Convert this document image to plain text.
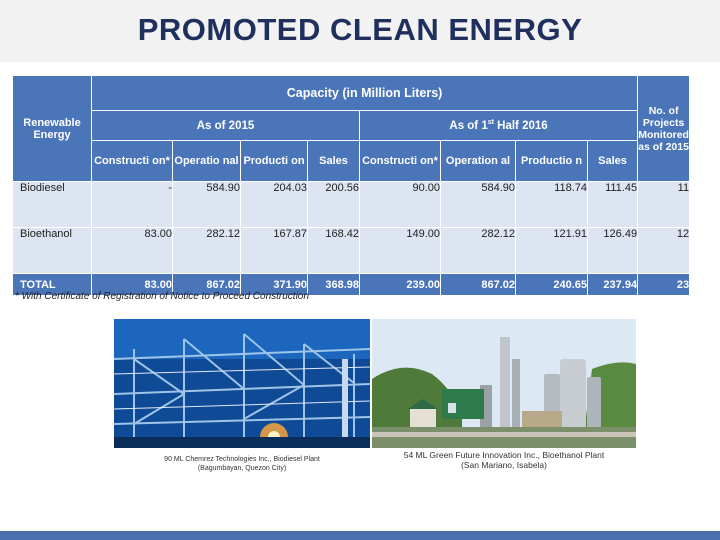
PROMOTED CLEAN ENERGY
Renewable Energy	Capacity (in Million Liters)								No. of Projects Monitored as of 2015
	As of 2015				As of 1st Half 2016				
	Constructi on*	Operatio nal	Producti on	Sales	Constructi on*	Operation al	Productio n	Sales	
Biodiesel	-	584.90	204.03	200.56	90.00	584.90	118.74	111.45	11
Bioethanol	83.00	282.12	167.87	168.42	149.00	282.12	121.91	126.49	12
TOTAL	83.00	867.02	371.90	368.98	239.00	867.02	240.65	237.94	23
* With Certificate of Registration of Notice to Proceed Construction
90 ML Chemrez Technologies Inc., Biodiesel Plant
(Bagumbayan, Quezon City)
54 ML Green Future Innovation Inc., Bioethanol Plant
(San Mariano, Isabela)
